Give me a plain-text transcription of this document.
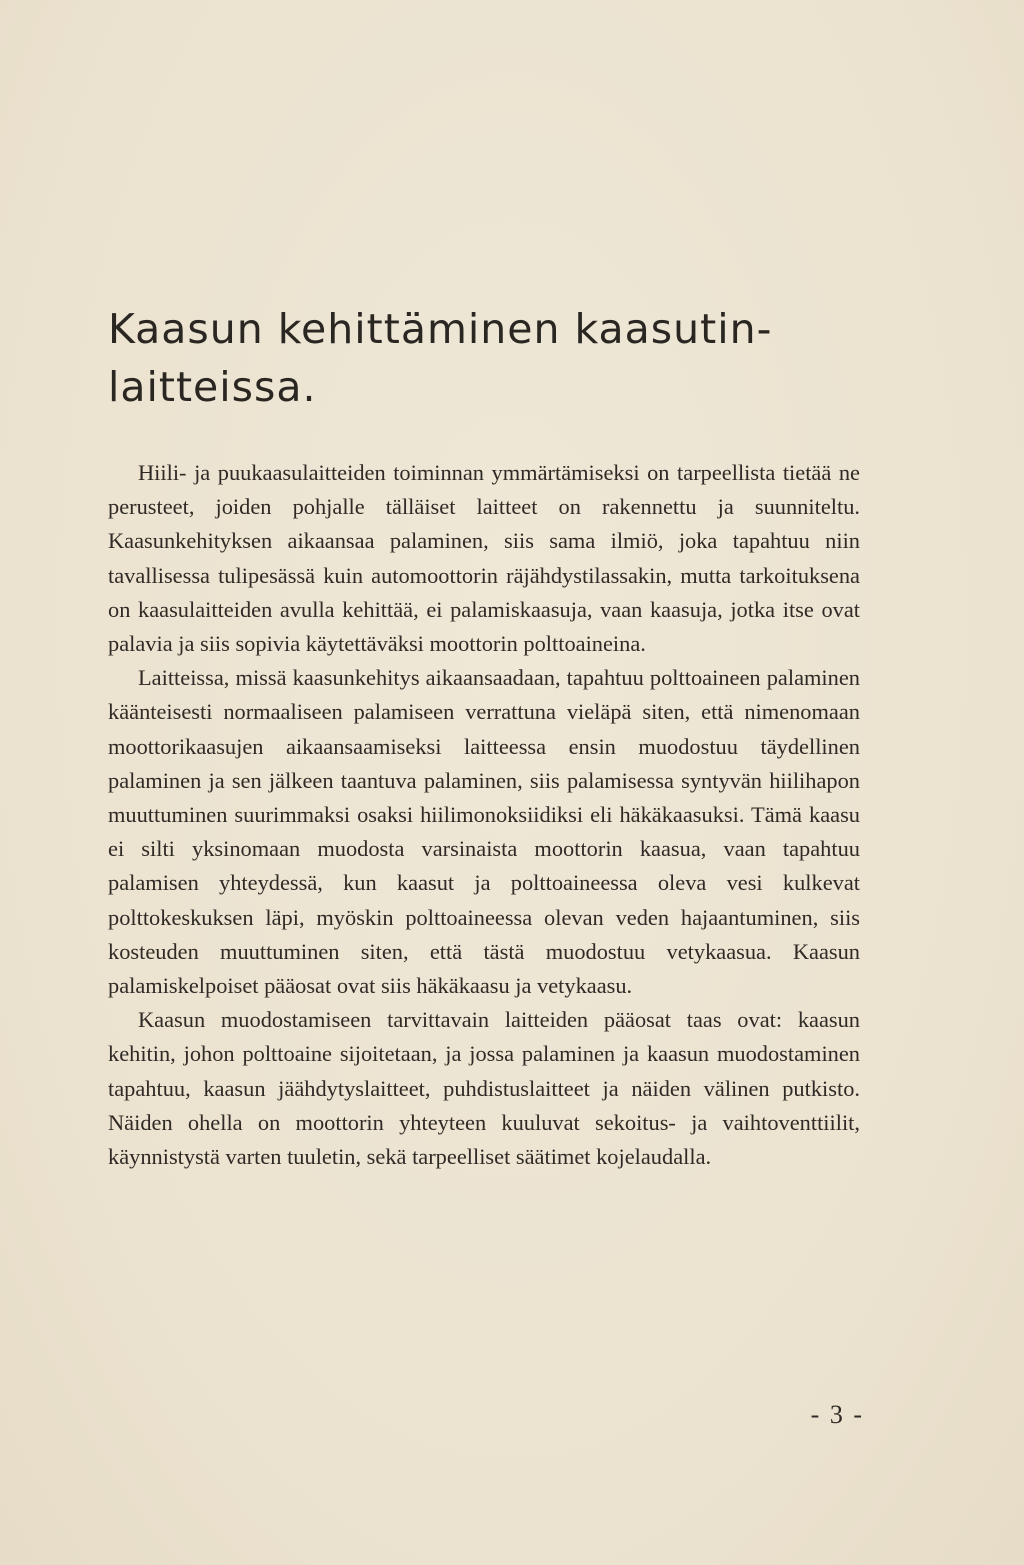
Kaasun kehittäminen kaasutin-
laitteissa.

Hiili- ja puukaasulaitteiden toiminnan ymmärtämiseksi on tarpeellista tietää ne perusteet, joiden pohjalle tälläiset laitteet on rakennettu ja suunniteltu. Kaasunkehityksen aikaansaa palaminen, siis sama ilmiö, joka tapahtuu niin tavallisessa tulipesässä kuin automoottorin räjähdystilassakin, mutta tarkoituksena on kaasulaitteiden avulla kehittää, ei palamiskaasuja, vaan kaasuja, jotka itse ovat palavia ja siis sopivia käytettäväksi moottorin polttoaineina.

Laitteissa, missä kaasunkehitys aikaansaadaan, tapahtuu polttoaineen palaminen käänteisesti normaaliseen palamiseen verrattuna vieläpä siten, että nimenomaan moottorikaasujen aikaansaamiseksi laitteessa ensin muodostuu täydellinen palaminen ja sen jälkeen taantuva palaminen, siis palamisessa syntyvän hiilihapon muuttuminen suurimmaksi osaksi hiilimonoksiidiksi eli häkäkaasuksi. Tämä kaasu ei silti yksinomaan muodosta varsinaista moottorin kaasua, vaan tapahtuu palamisen yhteydessä, kun kaasut ja polttoaineessa oleva vesi kulkevat polttokeskuksen läpi, myöskin polttoaineessa olevan veden hajaantuminen, siis kosteuden muuttuminen siten, että tästä muodostuu vetykaasua. Kaasun palamiskelpoiset pääosat ovat siis häkäkaasu ja vetykaasu.

Kaasun muodostamiseen tarvittavain laitteiden pääosat taas ovat: kaasun kehitin, johon polttoaine sijoitetaan, ja jossa palaminen ja kaasun muodostaminen tapahtuu, kaasun jäähdytyslaitteet, puhdistuslaitteet ja näiden välinen putkisto. Näiden ohella on moottorin yhteyteen kuuluvat sekoitus- ja vaihtoventtiilit, käynnistystä varten tuuletin, sekä tarpeelliset säätimet kojelaudalla.

- 3 -
